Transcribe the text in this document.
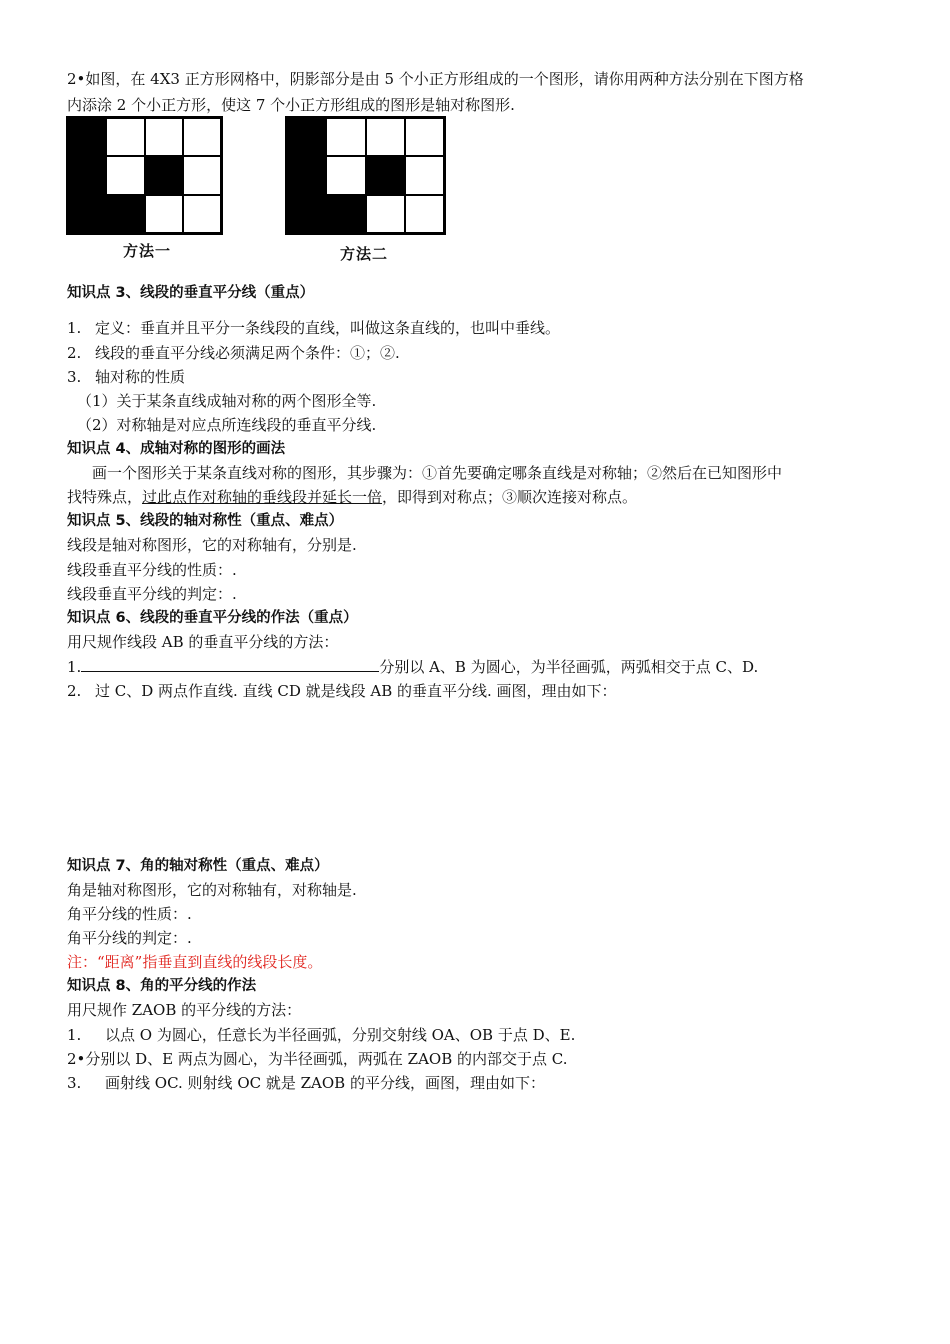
2•如图，在 4X3 正方形网格中，阴影部分是由 5 个小正方形组成的一个图形，请你用两种方法分别在下图方格
内添涂 2 个小正方形，使这 7 个小正方形组成的图形是轴对称图形.
方法一	方法二
知识点 3、线段的垂直平分线（重点）
1. 定义：垂直并且平分一条线段的直线，叫做这条直线的，也叫中垂线。
2. 线段的垂直平分线必须满足两个条件：①；②.
3. 轴对称的性质
（1）关于某条直线成轴对称的两个图形全等.
（2）对称轴是对应点所连线段的垂直平分线.
知识点 4、成轴对称的图形的画法
画一个图形关于某条直线对称的图形，其步骤为：①首先要确定哪条直线是对称轴；②然后在已知图形中
找特殊点，过此点作对称轴的垂线段并延长一倍，即得到对称点；③顺次连接对称点。
知识点 5、线段的轴对称性（重点、难点）
线段是轴对称图形，它的对称轴有，分别是.
线段垂直平分线的性质：.
线段垂直平分线的判定：.
知识点 6、线段的垂直平分线的作法（重点）
用尺规作线段 AB 的垂直平分线的方法：
1.	分别以 A、B 为圆心，为半径画弧，两弧相交于点 C、D.
2. 过 C、D 两点作直线. 直线 CD 就是线段 AB 的垂直平分线. 画图，理由如下：
知识点 7、角的轴对称性（重点、难点）
角是轴对称图形，它的对称轴有，对称轴是.
角平分线的性质：.
角平分线的判定：.
注：“距离”指垂直到直线的线段长度。
知识点 8、角的平分线的作法
用尺规作 ZAOB 的平分线的方法：
1. 以点 O 为圆心，任意长为半径画弧，分别交射线 OA、OB 于点 D、E.
2•分别以 D、E 两点为圆心，为半径画弧，两弧在 ZAOB 的内部交于点 C.
3. 画射线 OC. 则射线 OC 就是 ZAOB 的平分线，画图，理由如下：
